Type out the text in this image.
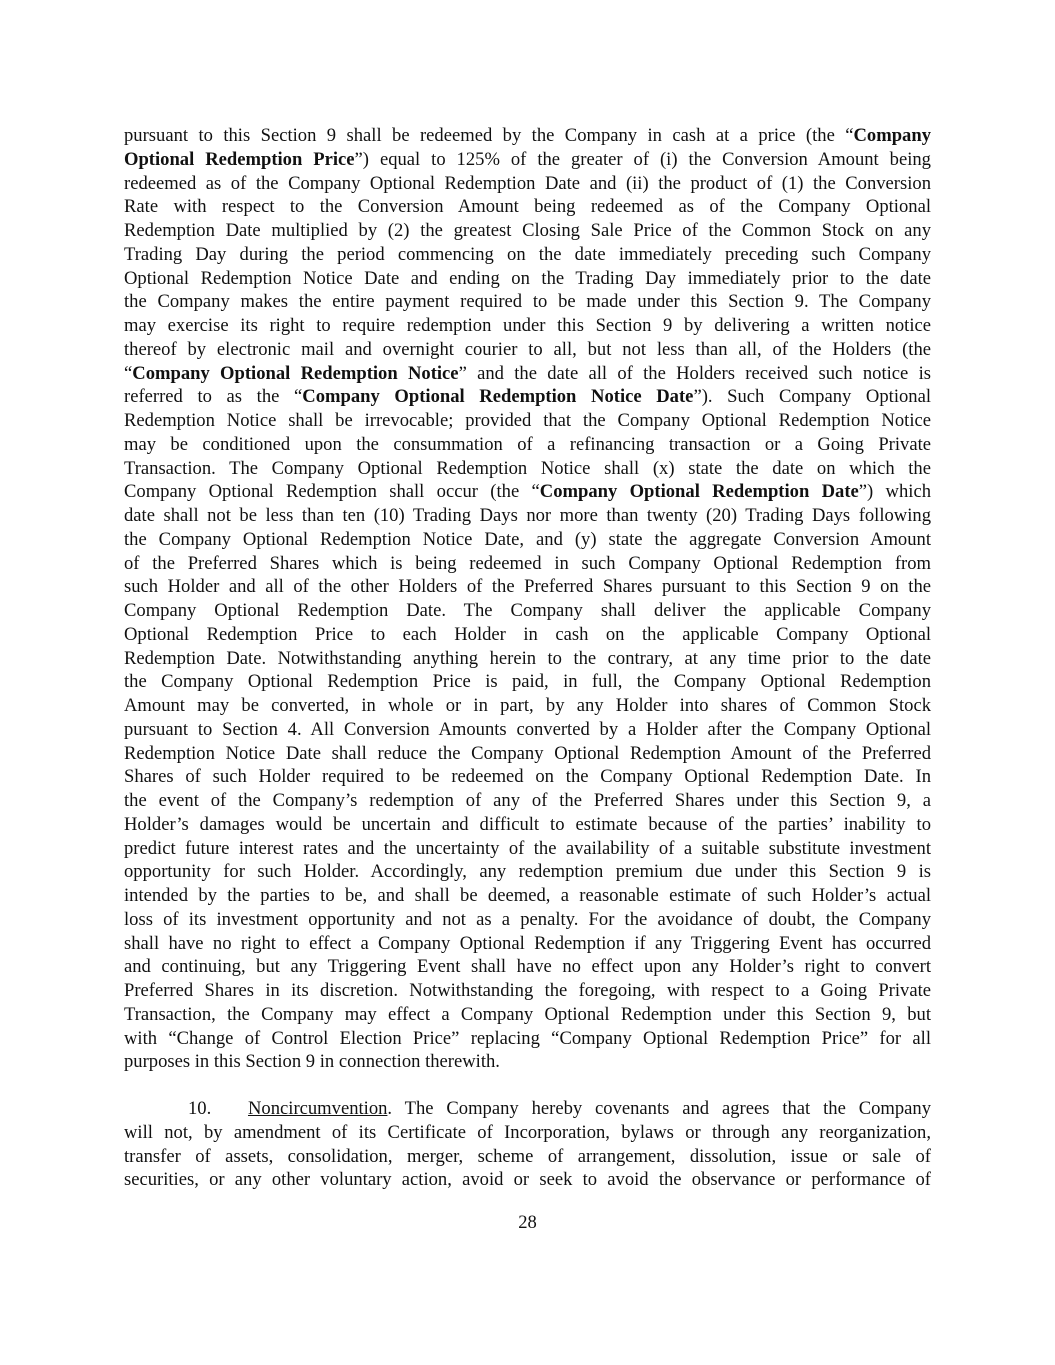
pursuant to this Section 9 shall be redeemed by the Company in cash at a price (the “Company
Optional Redemption Price”) equal to 125% of the greater of (i) the Conversion Amount being
redeemed as of the Company Optional Redemption Date and (ii) the product of (1) the Conversion
Rate with respect to the Conversion Amount being redeemed as of the Company Optional
Redemption Date multiplied by (2) the greatest Closing Sale Price of the Common Stock on any
Trading Day during the period commencing on the date immediately preceding such Company
Optional Redemption Notice Date and ending on the Trading Day immediately prior to the date
the Company makes the entire payment required to be made under this Section 9. The Company
may exercise its right to require redemption under this Section 9 by delivering a written notice
thereof by electronic mail and overnight courier to all, but not less than all, of the Holders (the
“Company Optional Redemption Notice” and the date all of the Holders received such notice is
referred to as the “Company Optional Redemption Notice Date”). Such Company Optional
Redemption Notice shall be irrevocable; provided that the Company Optional Redemption Notice
may be conditioned upon the consummation of a refinancing transaction or a Going Private
Transaction. The Company Optional Redemption Notice shall (x) state the date on which the
Company Optional Redemption shall occur (the “Company Optional Redemption Date”) which
date shall not be less than ten (10) Trading Days nor more than twenty (20) Trading Days following
the Company Optional Redemption Notice Date, and (y) state the aggregate Conversion Amount
of the Preferred Shares which is being redeemed in such Company Optional Redemption from
such Holder and all of the other Holders of the Preferred Shares pursuant to this Section 9 on the
Company Optional Redemption Date. The Company shall deliver the applicable Company
Optional Redemption Price to each Holder in cash on the applicable Company Optional
Redemption Date. Notwithstanding anything herein to the contrary, at any time prior to the date
the Company Optional Redemption Price is paid, in full, the Company Optional Redemption
Amount may be converted, in whole or in part, by any Holder into shares of Common Stock
pursuant to Section 4. All Conversion Amounts converted by a Holder after the Company Optional
Redemption Notice Date shall reduce the Company Optional Redemption Amount of the Preferred
Shares of such Holder required to be redeemed on the Company Optional Redemption Date. In
the event of the Company’s redemption of any of the Preferred Shares under this Section 9, a
Holder’s damages would be uncertain and difficult to estimate because of the parties’ inability to
predict future interest rates and the uncertainty of the availability of a suitable substitute investment
opportunity for such Holder. Accordingly, any redemption premium due under this Section 9 is
intended by the parties to be, and shall be deemed, a reasonable estimate of such Holder’s actual
loss of its investment opportunity and not as a penalty. For the avoidance of doubt, the Company
shall have no right to effect a Company Optional Redemption if any Triggering Event has occurred
and continuing, but any Triggering Event shall have no effect upon any Holder’s right to convert
Preferred Shares in its discretion. Notwithstanding the foregoing, with respect to a Going Private
Transaction, the Company may effect a Company Optional Redemption under this Section 9, but
with “Change of Control Election Price” replacing “Company Optional Redemption Price” for all
purposes in this Section 9 in connection therewith.
10. Noncircumvention. The Company hereby covenants and agrees that the Company
will not, by amendment of its Certificate of Incorporation, bylaws or through any reorganization,
transfer of assets, consolidation, merger, scheme of arrangement, dissolution, issue or sale of
securities, or any other voluntary action, avoid or seek to avoid the observance or performance of
28
